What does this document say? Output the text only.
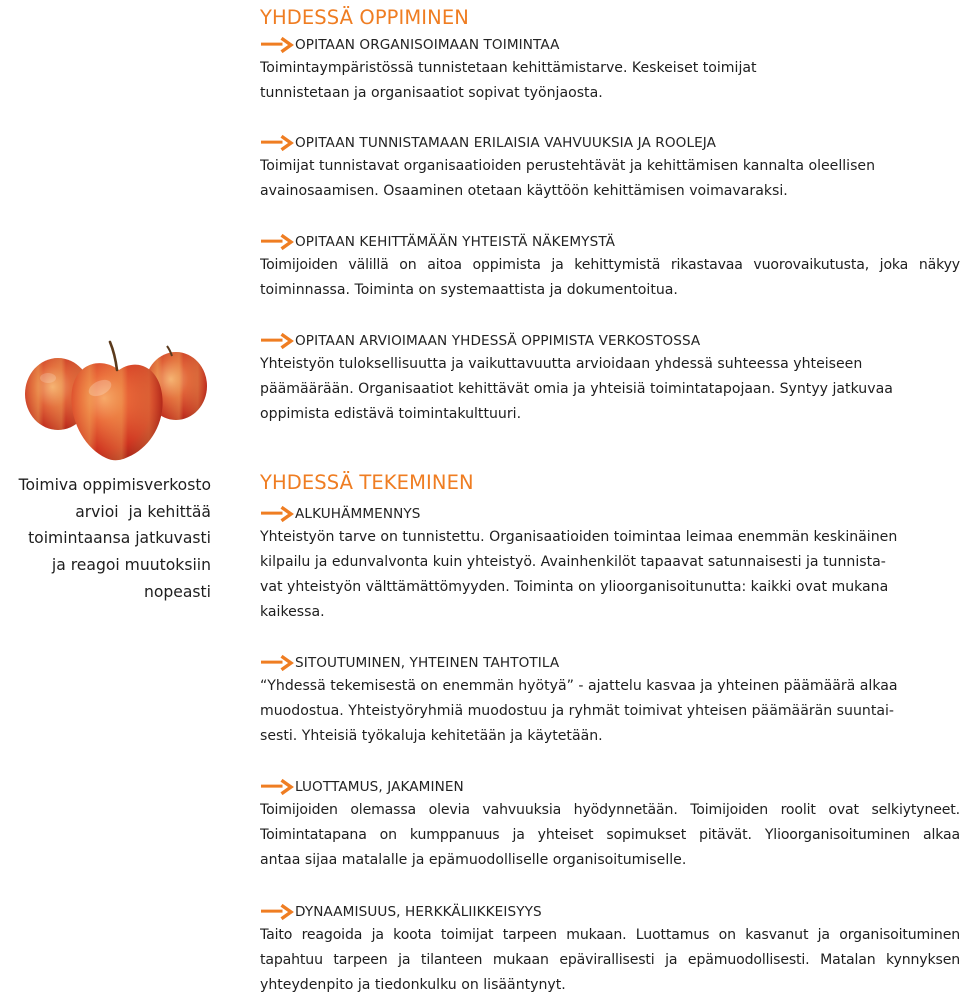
YHDESSÄ OPPIMINEN
OPITAAN ORGANISOIMAAN TOIMINTAA
Toimintaympäristössä tunnistetaan kehittämistarve. Keskeiset toimijat
tunnistetaan ja organisaatiot sopivat työnjaosta.
OPITAAN TUNNISTAMAAN ERILAISIA VAHVUUKSIA JA ROOLEJA
Toimijat tunnistavat organisaatioiden perustehtävät ja kehittämisen kannalta oleellisen
avainosaamisen. Osaaminen otetaan käyttöön kehittämisen voimavaraksi.
OPITAAN KEHITTÄMÄÄN YHTEISTÄ NÄKEMYSTÄ
Toimijoiden välillä on aitoa oppimista ja kehittymistä rikastavaa vuorovaikutusta, joka näkyy
toiminnassa. Toiminta on systemaattista ja dokumentoitua.
OPITAAN ARVIOIMAAN YHDESSÄ OPPIMISTA VERKOSTOSSA
Yhteistyön tuloksellisuutta ja vaikuttavuutta arvioidaan yhdessä suhteessa yhteiseen
päämäärään. Organisaatiot kehittävät omia ja yhteisiä toimintatapojaan. Syntyy jatkuvaa
oppimista edistävä toimintakulttuuri.
Toimiva oppimisverkosto
arvioi  ja kehittää
toimintaansa jatkuvasti
ja reagoi muutoksiin
nopeasti
YHDESSÄ TEKEMINEN
ALKUHÄMMENNYS
Yhteistyön tarve on tunnistettu. Organisaatioiden toimintaa leimaa enemmän keskinäinen
kilpailu ja edunvalvonta kuin yhteistyö. Avainhenkilöt tapaavat satunnaisesti ja tunnista-
vat yhteistyön välttämättömyyden. Toiminta on ylioorganisoitunutta: kaikki ovat mukana
kaikessa.
SITOUTUMINEN, YHTEINEN TAHTOTILA
“Yhdessä tekemisestä on enemmän hyötyä” - ajattelu kasvaa ja yhteinen päämäärä alkaa
muodostua. Yhteistyöryhmiä muodostuu ja ryhmät toimivat yhteisen päämäärän suuntai-
sesti. Yhteisiä työkaluja kehitetään ja käytetään.
LUOTTAMUS, JAKAMINEN
Toimijoiden olemassa olevia vahvuuksia hyödynnetään. Toimijoiden roolit ovat selkiytyneet.
Toimintatapana on kumppanuus ja yhteiset sopimukset pitävät. Ylioorganisoituminen alkaa
antaa sijaa matalalle ja epämuodolliselle organisoitumiselle.
DYNAAMISUUS, HERKKÄLIIKKEISYYS
Taito reagoida ja koota toimijat tarpeen mukaan. Luottamus on kasvanut ja organisoituminen
tapahtuu tarpeen ja tilanteen mukaan epävirallisesti ja epämuodollisesti. Matalan kynnyksen
yhteydenpito ja tiedonkulku on lisääntynyt.
